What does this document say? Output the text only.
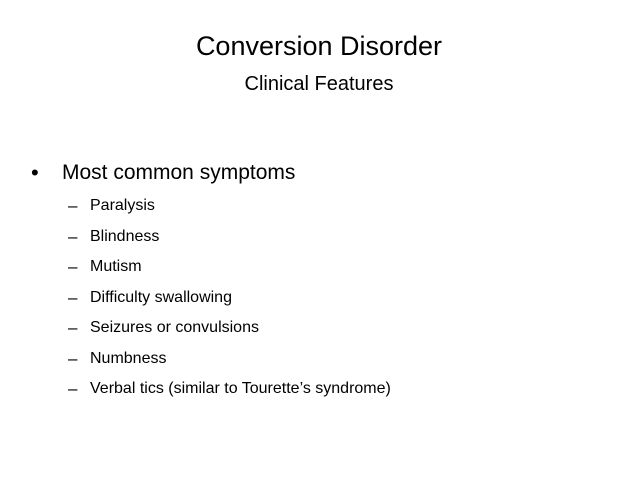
Conversion Disorder
Clinical Features
• Most common symptoms
– Paralysis
– Blindness
– Mutism
– Difficulty swallowing
– Seizures or convulsions
– Numbness
– Verbal tics (similar to Tourette’s syndrome)
